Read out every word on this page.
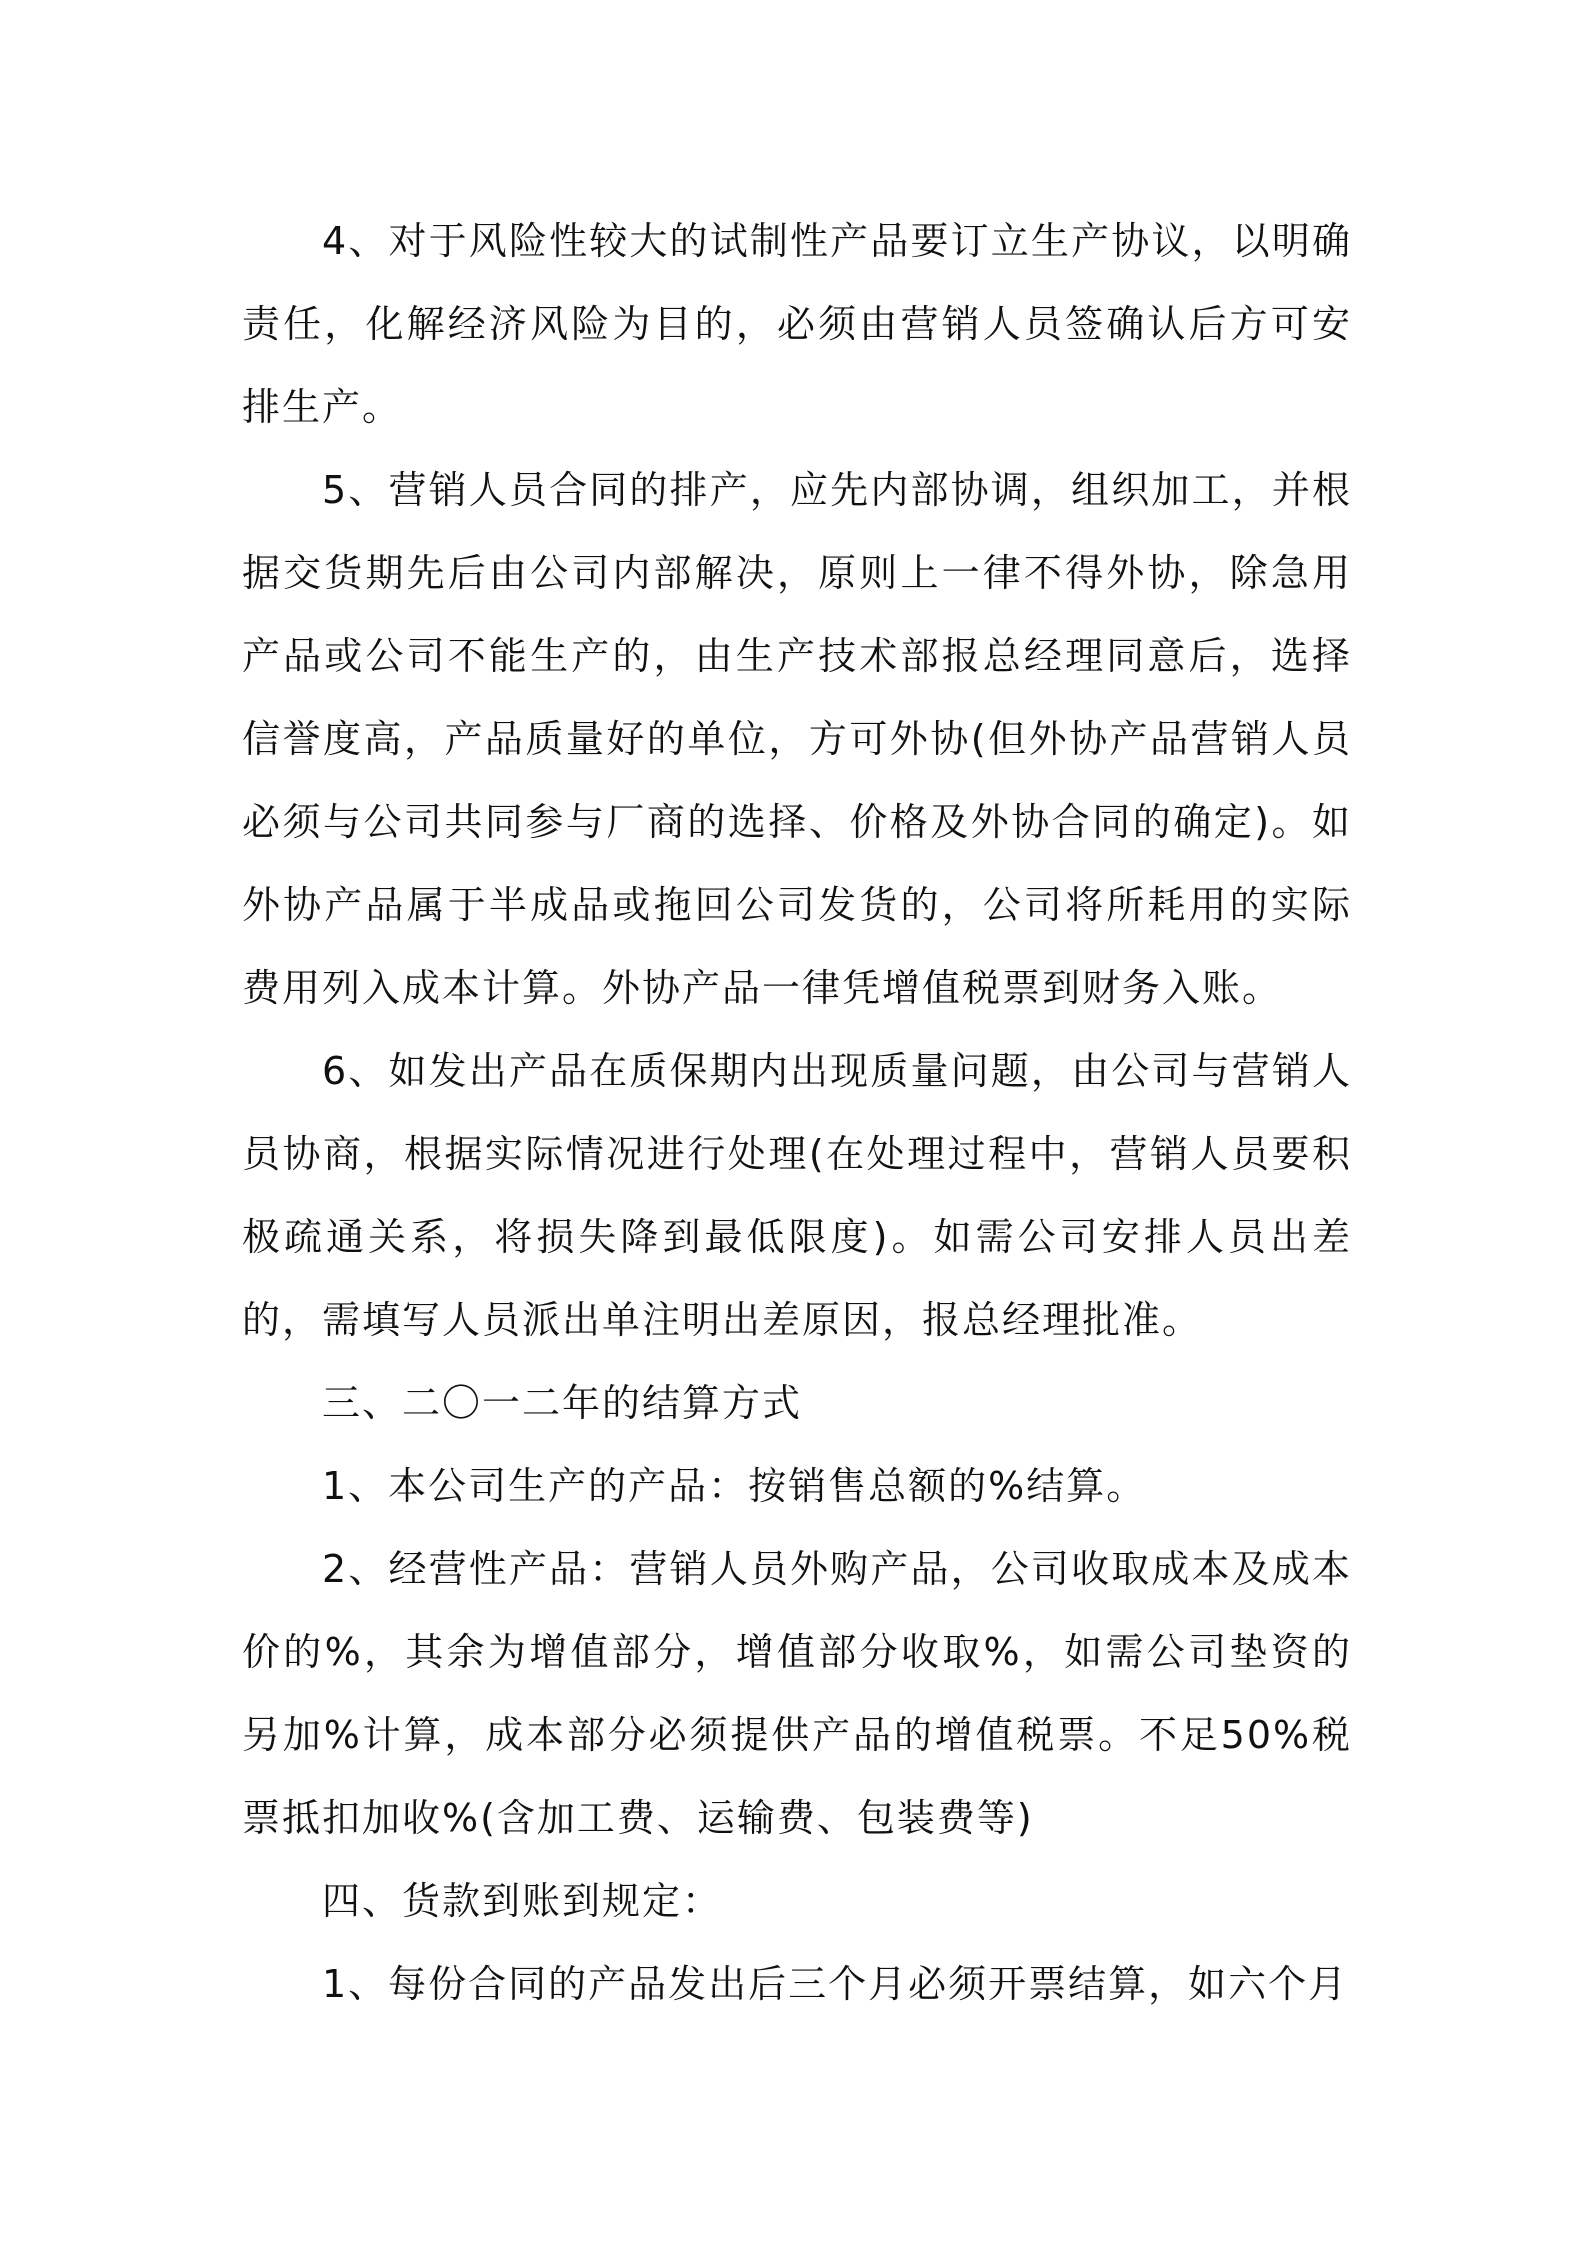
4、对于风险性较大的试制性产品要订立生产协议，以明确责任，化解经济风险为目的，必须由营销人员签确认后方可安排生产。

5、营销人员合同的排产，应先内部协调，组织加工，并根据交货期先后由公司内部解决，原则上一律不得外协，除急用产品或公司不能生产的，由生产技术部报总经理同意后，选择信誉度高，产品质量好的单位，方可外协(但外协产品营销人员必须与公司共同参与厂商的选择、价格及外协合同的确定)。如外协产品属于半成品或拖回公司发货的，公司将所耗用的实际费用列入成本计算。外协产品一律凭增值税票到财务入账。

6、如发出产品在质保期内出现质量问题，由公司与营销人员协商，根据实际情况进行处理(在处理过程中，营销人员要积极疏通关系，将损失降到最低限度)。如需公司安排人员出差的，需填写人员派出单注明出差原因，报总经理批准。

三、二〇一二年的结算方式

1、本公司生产的产品：按销售总额的%结算。

2、经营性产品：营销人员外购产品，公司收取成本及成本价的%，其余为增值部分，增值部分收取%，如需公司垫资的另加%计算，成本部分必须提供产品的增值税票。不足50%税票抵扣加收%(含加工费、运输费、包装费等)

四、货款到账到规定：

1、每份合同的产品发出后三个月必须开票结算，如六个月
